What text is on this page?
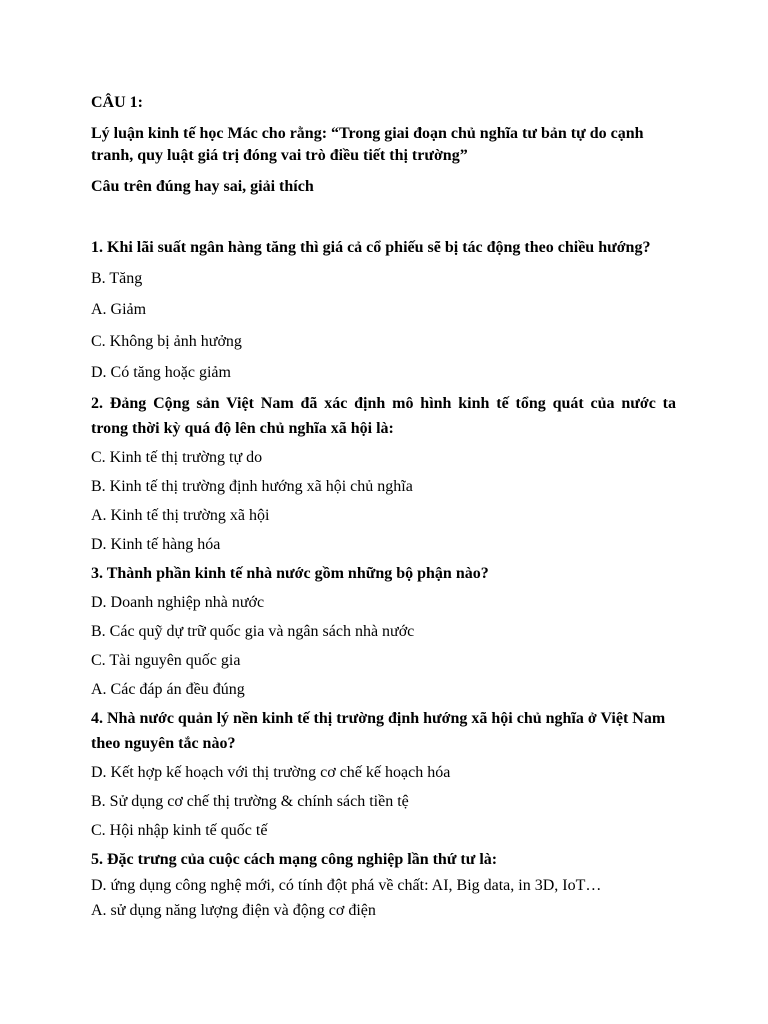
CÂU 1:

Lý luận kinh tế học Mác cho rằng: “Trong giai đoạn chủ nghĩa tư bản tự do cạnh

tranh, quy luật giá trị đóng vai trò điều tiết thị trường”

Câu trên đúng hay sai, giải thích

1. Khi lãi suất ngân hàng tăng thì giá cả cổ phiếu sẽ bị tác động theo chiều hướng?

B. Tăng

A. Giảm

C. Không bị ảnh hưởng

D. Có tăng hoặc giảm

2. Đảng Cộng sản Việt Nam đã xác định mô hình kinh tế tổng quát của nước ta

trong thời kỳ quá độ lên chủ nghĩa xã hội là:

C. Kinh tế thị trường tự do

B. Kinh tế thị trường định hướng xã hội chủ nghĩa

A. Kinh tế thị trường xã hội

D. Kinh tế hàng hóa

3. Thành phần kinh tế nhà nước gồm những bộ phận nào?

D. Doanh nghiệp nhà nước

B. Các quỹ dự trữ quốc gia và ngân sách nhà nước

C. Tài nguyên quốc gia

A. Các đáp án đều đúng

4. Nhà nước quản lý nền kinh tế thị trường định hướng xã hội chủ nghĩa ở Việt Nam

theo nguyên tắc nào?

D. Kết hợp kế hoạch với thị trường cơ chế kế hoạch hóa

B. Sử dụng cơ chế thị trường & chính sách tiền tệ

C. Hội nhập kinh tế quốc tế

5. Đặc trưng của cuộc cách mạng công nghiệp lần thứ tư là:

D. ứng dụng công nghệ mới, có tính đột phá về chất: AI, Big data, in 3D, IoT…

A. sử dụng năng lượng điện và động cơ điện
